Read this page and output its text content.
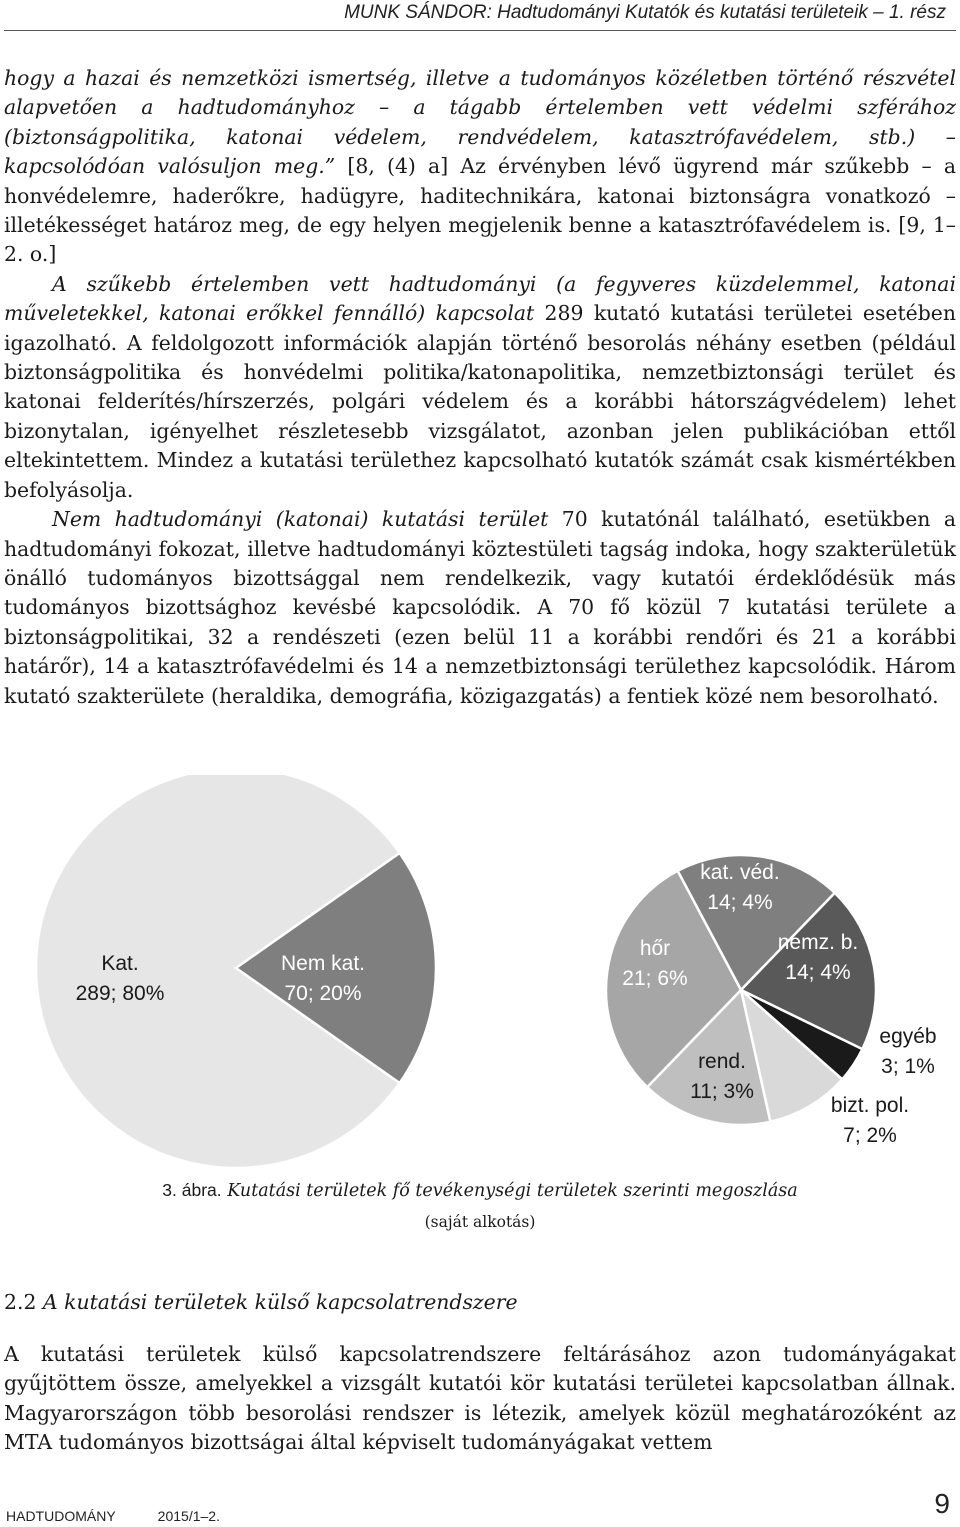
MUNK SÁNDOR: Hadtudományi Kutatók és kutatási területeik – 1. rész

hogy a hazai és nemzetközi ismertség, illetve a tudományos közéletben történő részvétel alapvetően a hadtudományhoz – a tágabb értelemben vett védelmi szférához (biztonságpolitika, katonai védelem, rendvédelem, katasztrófavédelem, stb.) – kapcsolódóan valósuljon meg.” [8, (4) a] Az érvényben lévő ügyrend már szűkebb – a honvédelemre, haderőkre, hadügyre, haditechnikára, katonai biztonságra vonatkozó – illetékességet határoz meg, de egy helyen megjelenik benne a katasztrófavédelem is. [9, 1–2. o.]

A szűkebb értelemben vett hadtudományi (a fegyveres küzdelemmel, katonai műveletekkel, katonai erőkkel fennálló) kapcsolat 289 kutató kutatási területei esetében igazolható. A feldolgozott információk alapján történő besorolás néhány esetben (például biztonságpolitika és honvédelmi politika/katonapolitika, nemzetbiztonsági terület és katonai felderítés/hírszerzés, polgári védelem és a korábbi hátországvédelem) lehet bizonytalan, igényelhet részletesebb vizsgálatot, azonban jelen publikációban ettől eltekintettem. Mindez a kutatási területhez kapcsolható kutatók számát csak kismértékben befolyásolja.

Nem hadtudományi (katonai) kutatási terület 70 kutatónál található, esetükben a hadtudományi fokozat, illetve hadtudományi köztestületi tagság indoka, hogy szakterületük önálló tudományos bizottsággal nem rendelkezik, vagy kutatói érdeklődésük más tudományos bizottsághoz kevésbé kapcsolódik. A 70 fő közül 7 kutatási területe a biztonságpolitikai, 32 a rendészeti (ezen belül 11 a korábbi rendőri és 21 a korábbi határőr), 14 a katasztrófavédelmi és 14 a nemzetbiztonsági területhez kapcsolódik. Három kutató szakterülete (heraldika, demográfia, közigazgatás) a fentiek közé nem besorolható.

Kat.
289; 80%
Nem kat.
70; 20%
kat. véd.
14; 4%
nemz. b.
14; 4%
egyéb
3; 1%
bizt. pol.
7; 2%
rend.
11; 3%
hőr
21; 6%
3. ábra. Kutatási területek fő tevékenységi területek szerinti megoszlása
(saját alkotás)
2.2 A kutatási területek külső kapcsolatrendszere

A kutatási területek külső kapcsolatrendszere feltárásához azon tudományágakat gyűjtöttem össze, amelyekkel a vizsgált kutatói kör kutatási területei kapcsolatban állnak. Magyarországon több besorolási rendszer is létezik, amelyek közül meghatározóként az MTA tudományos bizottságai által képviselt tudományágakat vettem

HADTUDOMÁNY	2015/1–2.	9
